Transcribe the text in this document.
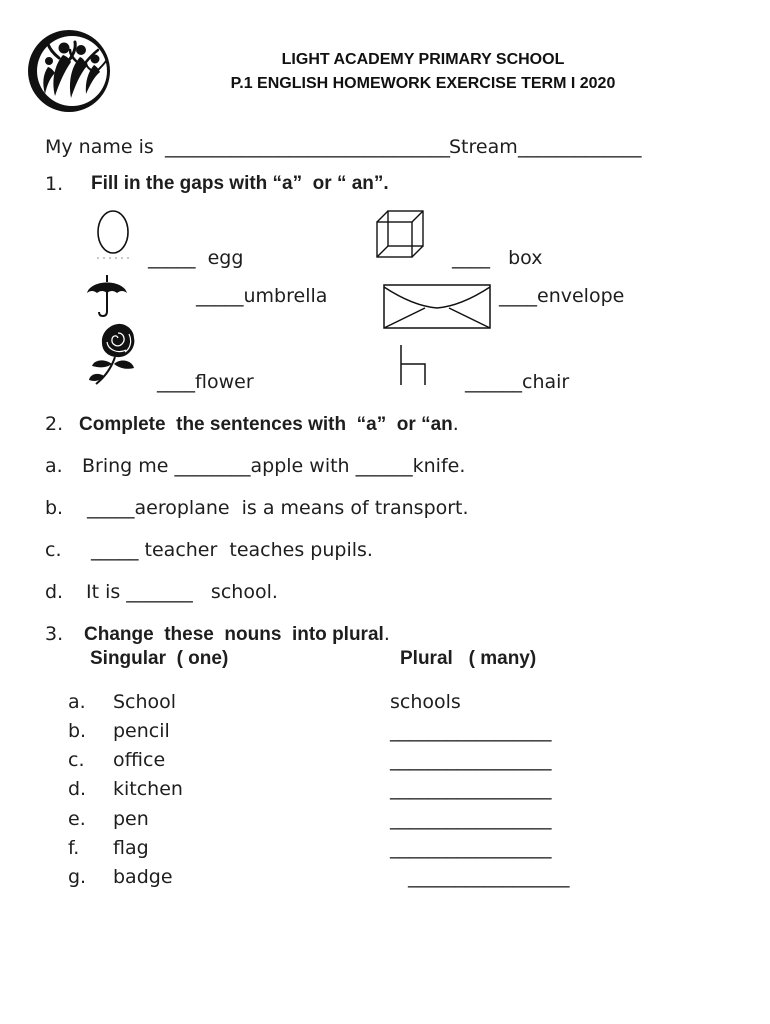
LIGHT ACADEMY PRIMARY SCHOOL
P.1 ENGLISH HOMEWORK EXERCISE TERM I 2020
My name is ______________________________ Stream _____________
1. Fill in the gaps with “a”  or “ an”.
_____  egg	____   box
_____umbrella	____envelope
____flower	______chair
2. Complete  the sentences with  “a”  or “an.
a. Bring me ________apple with ______knife.
b. _____aeroplane  is a means of transport.
c. _____ teacher  teaches pupils.
d. It is _______   school.
3. Change  these  nouns  into plural.
Singular  ( one)	Plural   ( many)
a. School	schools
b. pencil	_________________
c. office	_________________
d. kitchen	_________________
e. pen	_________________
f. flag	_________________
g. badge	_________________
